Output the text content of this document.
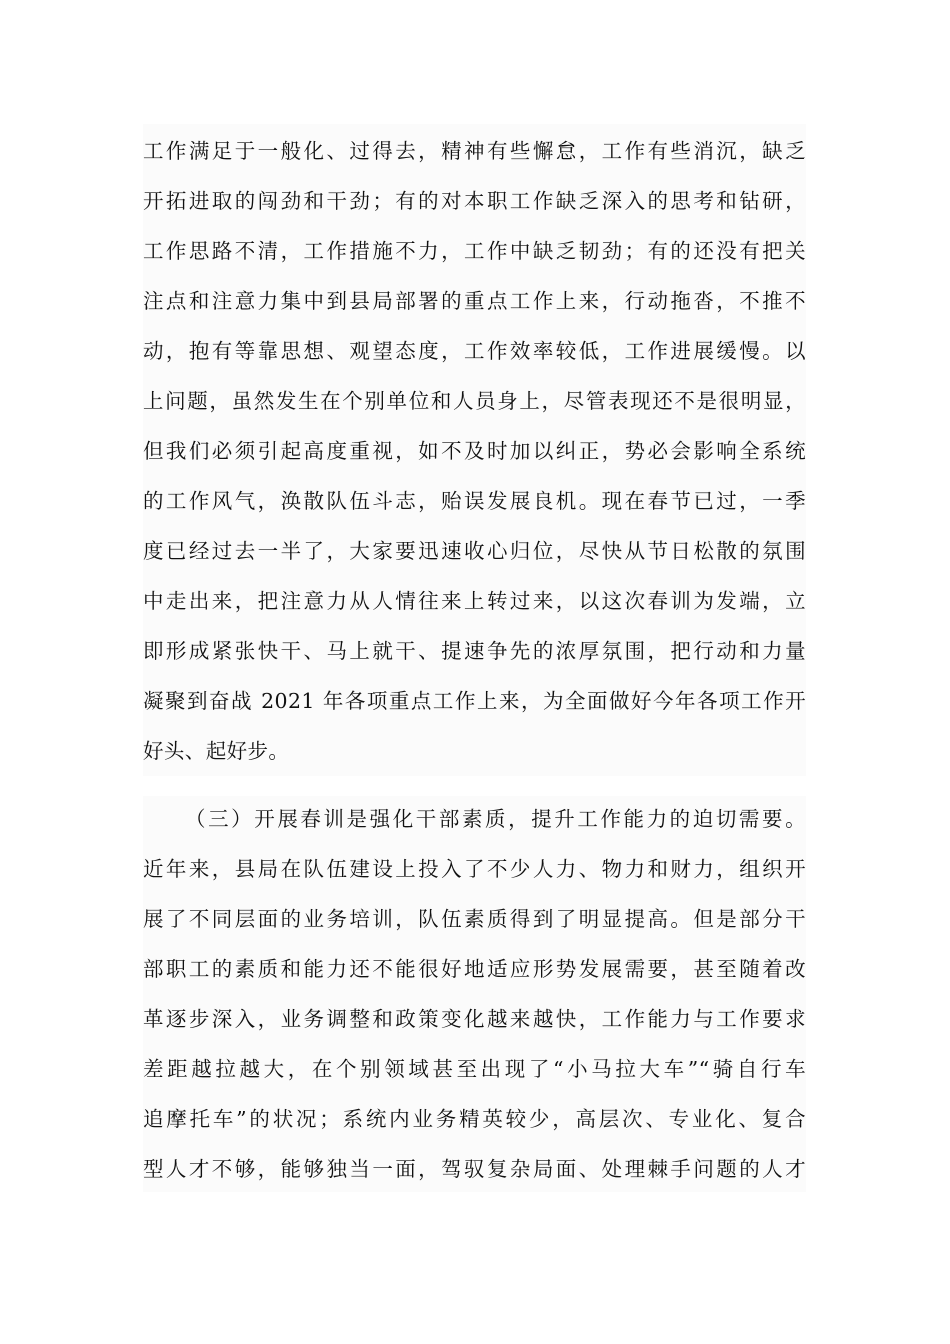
工作满足于一般化、过得去，精神有些懈怠，工作有些消沉，缺乏
开拓进取的闯劲和干劲；有的对本职工作缺乏深入的思考和钻研，
工作思路不清，工作措施不力，工作中缺乏韧劲；有的还没有把关
注点和注意力集中到县局部署的重点工作上来，行动拖沓，不推不
动，抱有等靠思想、观望态度，工作效率较低，工作进展缓慢。以
上问题，虽然发生在个别单位和人员身上，尽管表现还不是很明显，
但我们必须引起高度重视，如不及时加以纠正，势必会影响全系统
的工作风气，涣散队伍斗志，贻误发展良机。现在春节已过，一季
度已经过去一半了，大家要迅速收心归位，尽快从节日松散的氛围
中走出来，把注意力从人情往来上转过来，以这次春训为发端，立
即形成紧张快干、马上就干、提速争先的浓厚氛围，把行动和力量
凝聚到奋战 2021 年各项重点工作上来，为全面做好今年各项工作开
好头、起好步。
（三）开展春训是强化干部素质，提升工作能力的迫切需要。
近年来，县局在队伍建设上投入了不少人力、物力和财力，组织开
展了不同层面的业务培训，队伍素质得到了明显提高。但是部分干
部职工的素质和能力还不能很好地适应形势发展需要，甚至随着改
革逐步深入，业务调整和政策变化越来越快，工作能力与工作要求
差距越拉越大，在个别领域甚至出现了“小马拉大车”“骑自行车
追摩托车”的状况；系统内业务精英较少，高层次、专业化、复合
型人才不够，能够独当一面，驾驭复杂局面、处理棘手问题的人才
